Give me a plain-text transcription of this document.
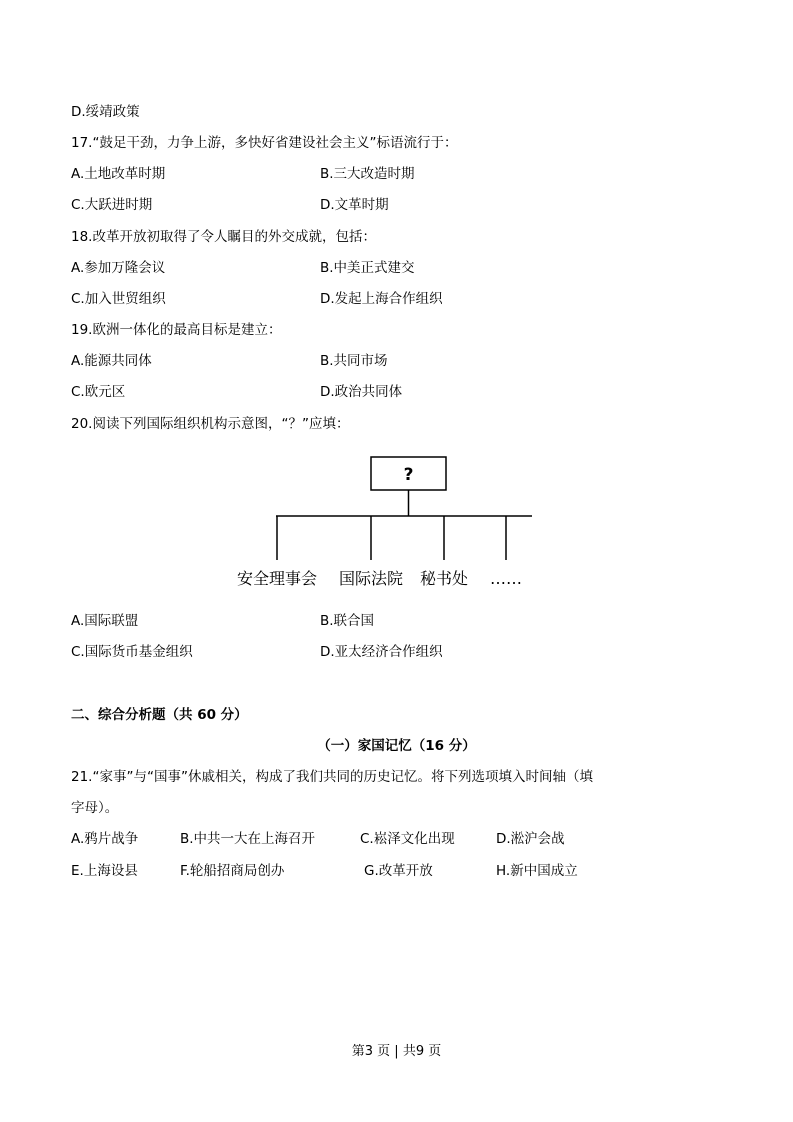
D.绥靖政策
17.“鼓足干劲，力争上游，多快好省建设社会主义”标语流行于：
A.土地改革时期	B.三大改造时期
C.大跃进时期	D.文革时期
18.改革开放初取得了令人瞩目的外交成就，包括：
A.参加万隆会议	B.中美正式建交
C.加入世贸组织	D.发起上海合作组织
19.欧洲一体化的最高目标是建立：
A.能源共同体	B.共同市场
C.欧元区	D.政治共同体
20.阅读下列国际组织机构示意图，“？”应填：
?
安全理事会 国际法院 秘书处 ……
A.国际联盟	B.联合国
C.国际货币基金组织	D.亚太经济合作组织
二、综合分析题（共 60 分）
（一）家国记忆（16 分）
21.“家事”与“国事”休戚相关，构成了我们共同的历史记忆。将下列选项填入时间轴（填
字母）。
A.鸦片战争	B.中共一大在上海召开	C.崧泽文化出现	D.淞沪会战
E.上海设县	F.轮船招商局创办	G.改革开放	H.新中国成立
第3 页 | 共9 页
